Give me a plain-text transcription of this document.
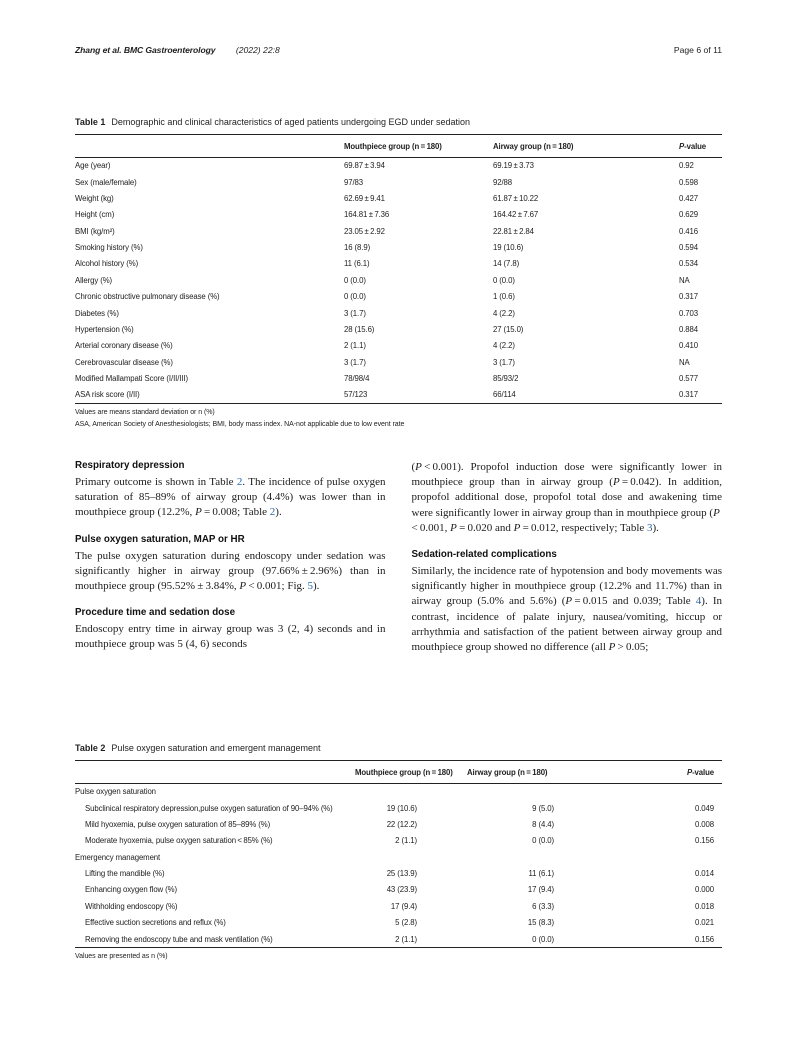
Zhang et al. BMC Gastroenterology (2022) 22:8	Page 6 of 11
Table 1 Demographic and clinical characteristics of aged patients undergoing EGD under sedation
	Mouthpiece group (n = 180)	Airway group (n = 180)	P-value
Age (year)	69.87 ± 3.94	69.19 ± 3.73	0.92
Sex (male/female)	97/83	92/88	0.598
Weight (kg)	62.69 ± 9.41	61.87 ± 10.22	0.427
Height (cm)	164.81 ± 7.36	164.42 ± 7.67	0.629
BMI (kg/m²)	23.05 ± 2.92	22.81 ± 2.84	0.416
Smoking history (%)	16 (8.9)	19 (10.6)	0.594
Alcohol history (%)	11 (6.1)	14 (7.8)	0.534
Allergy (%)	0 (0.0)	0 (0.0)	NA
Chronic obstructive pulmonary disease (%)	0 (0.0)	1 (0.6)	0.317
Diabetes (%)	3 (1.7)	4 (2.2)	0.703
Hypertension (%)	28 (15.6)	27 (15.0)	0.884
Arterial coronary disease (%)	2 (1.1)	4 (2.2)	0.410
Cerebrovascular disease (%)	3 (1.7)	3 (1.7)	NA
Modified Mallampati Score (I/II/III)	78/98/4	85/93/2	0.577
ASA risk score (I/II)	57/123	66/114	0.317
Values are means standard deviation or n (%)
ASA, American Society of Anesthesiologists; BMI, body mass index. NA-not applicable due to low event rate
Respiratory depression

Primary outcome is shown in Table 2. The incidence of pulse oxygen saturation of 85–89% of airway group (4.4%) was lower than in mouthpiece group (12.2%, P = 0.008; Table 2).

Pulse oxygen saturation, MAP or HR

The pulse oxygen saturation during endoscopy under sedation was significantly higher in airway group (97.66% ± 2.96%) than in mouthpiece group (95.52% ± 3.84%, P < 0.001; Fig. 5).

Procedure time and sedation dose

Endoscopy entry time in airway group was 3 (2, 4) seconds and in mouthpiece group was 5 (4, 6) seconds

(P < 0.001). Propofol induction dose were significantly lower in mouthpiece group than in airway group (P = 0.042). In addition, propofol additional dose, propofol total dose and awakening time were significantly lower in airway group than in mouthpiece group (P < 0.001, P = 0.020 and P = 0.012, respectively; Table 3).

Sedation-related complications

Similarly, the incidence rate of hypotension and body movements was significantly higher in mouthpiece group (12.2% and 11.7%) than in airway group (5.0% and 5.6%) (P = 0.015 and 0.039; Table 4). In contrast, incidence of palate injury, nausea/vomiting, hiccup or arrhythmia and satisfaction of the patient between airway group and mouthpiece group showed no difference (all P > 0.05;

Table 2 Pulse oxygen saturation and emergent management
	Mouthpiece group (n = 180)	Airway group (n = 180)	P-value
Pulse oxygen saturation			
Subclinical respiratory depression,pulse oxygen saturation of 90–94% (%)	19 (10.6)	9 (5.0)	0.049
Mild hyoxemia, pulse oxygen saturation of 85–89% (%)	22 (12.2)	8 (4.4)	0.008
Moderate hyoxemia, pulse oxygen saturation < 85% (%)	2 (1.1)	0 (0.0)	0.156
Emergency management			
Lifting the mandible (%)	25 (13.9)	11 (6.1)	0.014
Enhancing oxygen flow (%)	43 (23.9)	17 (9.4)	0.000
Withholding endoscopy (%)	17 (9.4)	6 (3.3)	0.018
Effective suction secretions and reflux (%)	5 (2.8)	15 (8.3)	0.021
Removing the endoscopy tube and mask ventilation (%)	2 (1.1)	0 (0.0)	0.156
Values are presented as n (%)
